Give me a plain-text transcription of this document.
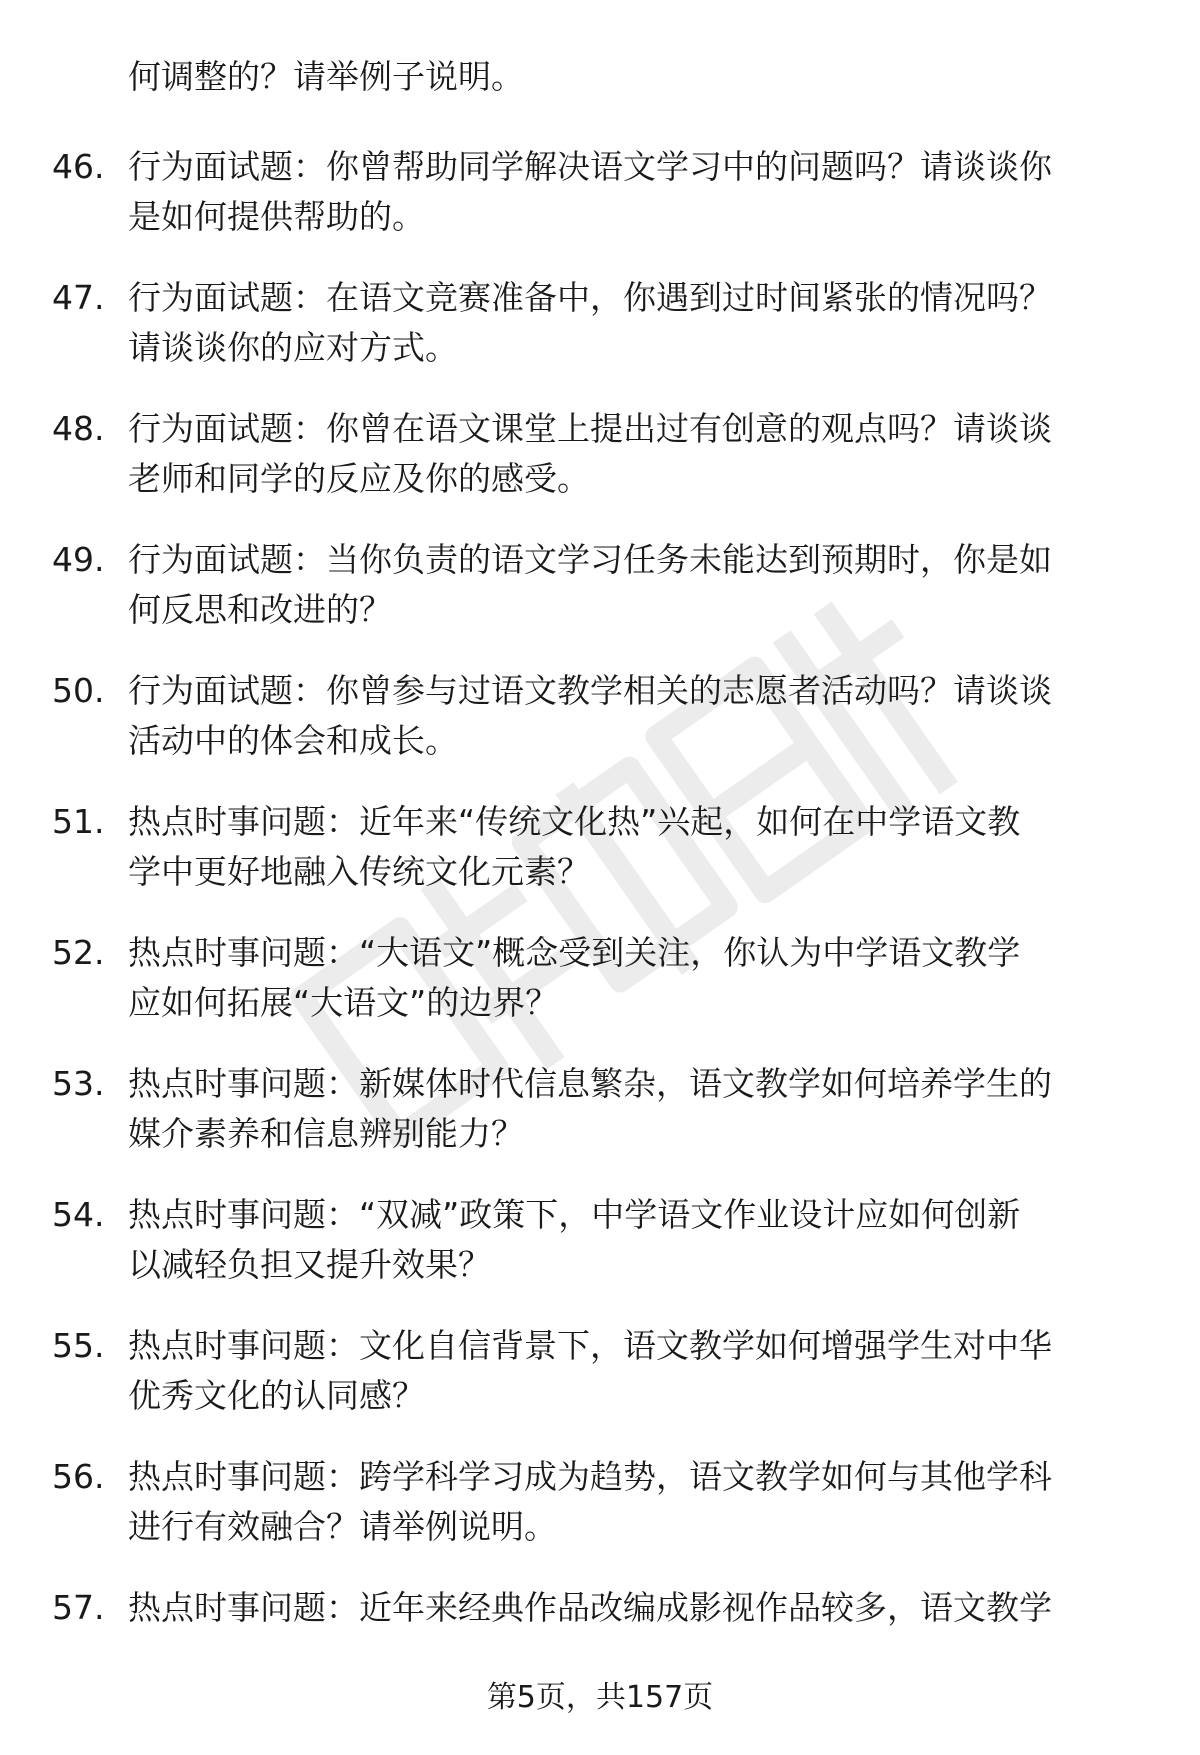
何调整的？请举例子说明。
46. 行为面试题：你曾帮助同学解决语文学习中的问题吗？请谈谈你
是如何提供帮助的。
47. 行为面试题：在语文竞赛准备中，你遇到过时间紧张的情况吗？
请谈谈你的应对方式。
48. 行为面试题：你曾在语文课堂上提出过有创意的观点吗？请谈谈
老师和同学的反应及你的感受。
49. 行为面试题：当你负责的语文学习任务未能达到预期时，你是如
何反思和改进的？
50. 行为面试题：你曾参与过语文教学相关的志愿者活动吗？请谈谈
活动中的体会和成长。
51. 热点时事问题：近年来“传统文化热”兴起，如何在中学语文教
学中更好地融入传统文化元素？
52. 热点时事问题：“大语文”概念受到关注，你认为中学语文教学
应如何拓展“大语文”的边界？
53. 热点时事问题：新媒体时代信息繁杂，语文教学如何培养学生的
媒介素养和信息辨别能力？
54. 热点时事问题：“双减”政策下，中学语文作业设计应如何创新
以减轻负担又提升效果？
55. 热点时事问题：文化自信背景下，语文教学如何增强学生对中华
优秀文化的认同感？
56. 热点时事问题：跨学科学习成为趋势，语文教学如何与其他学科
进行有效融合？请举例说明。
57. 热点时事问题：近年来经典作品改编成影视作品较多，语文教学
第5页，共157页
